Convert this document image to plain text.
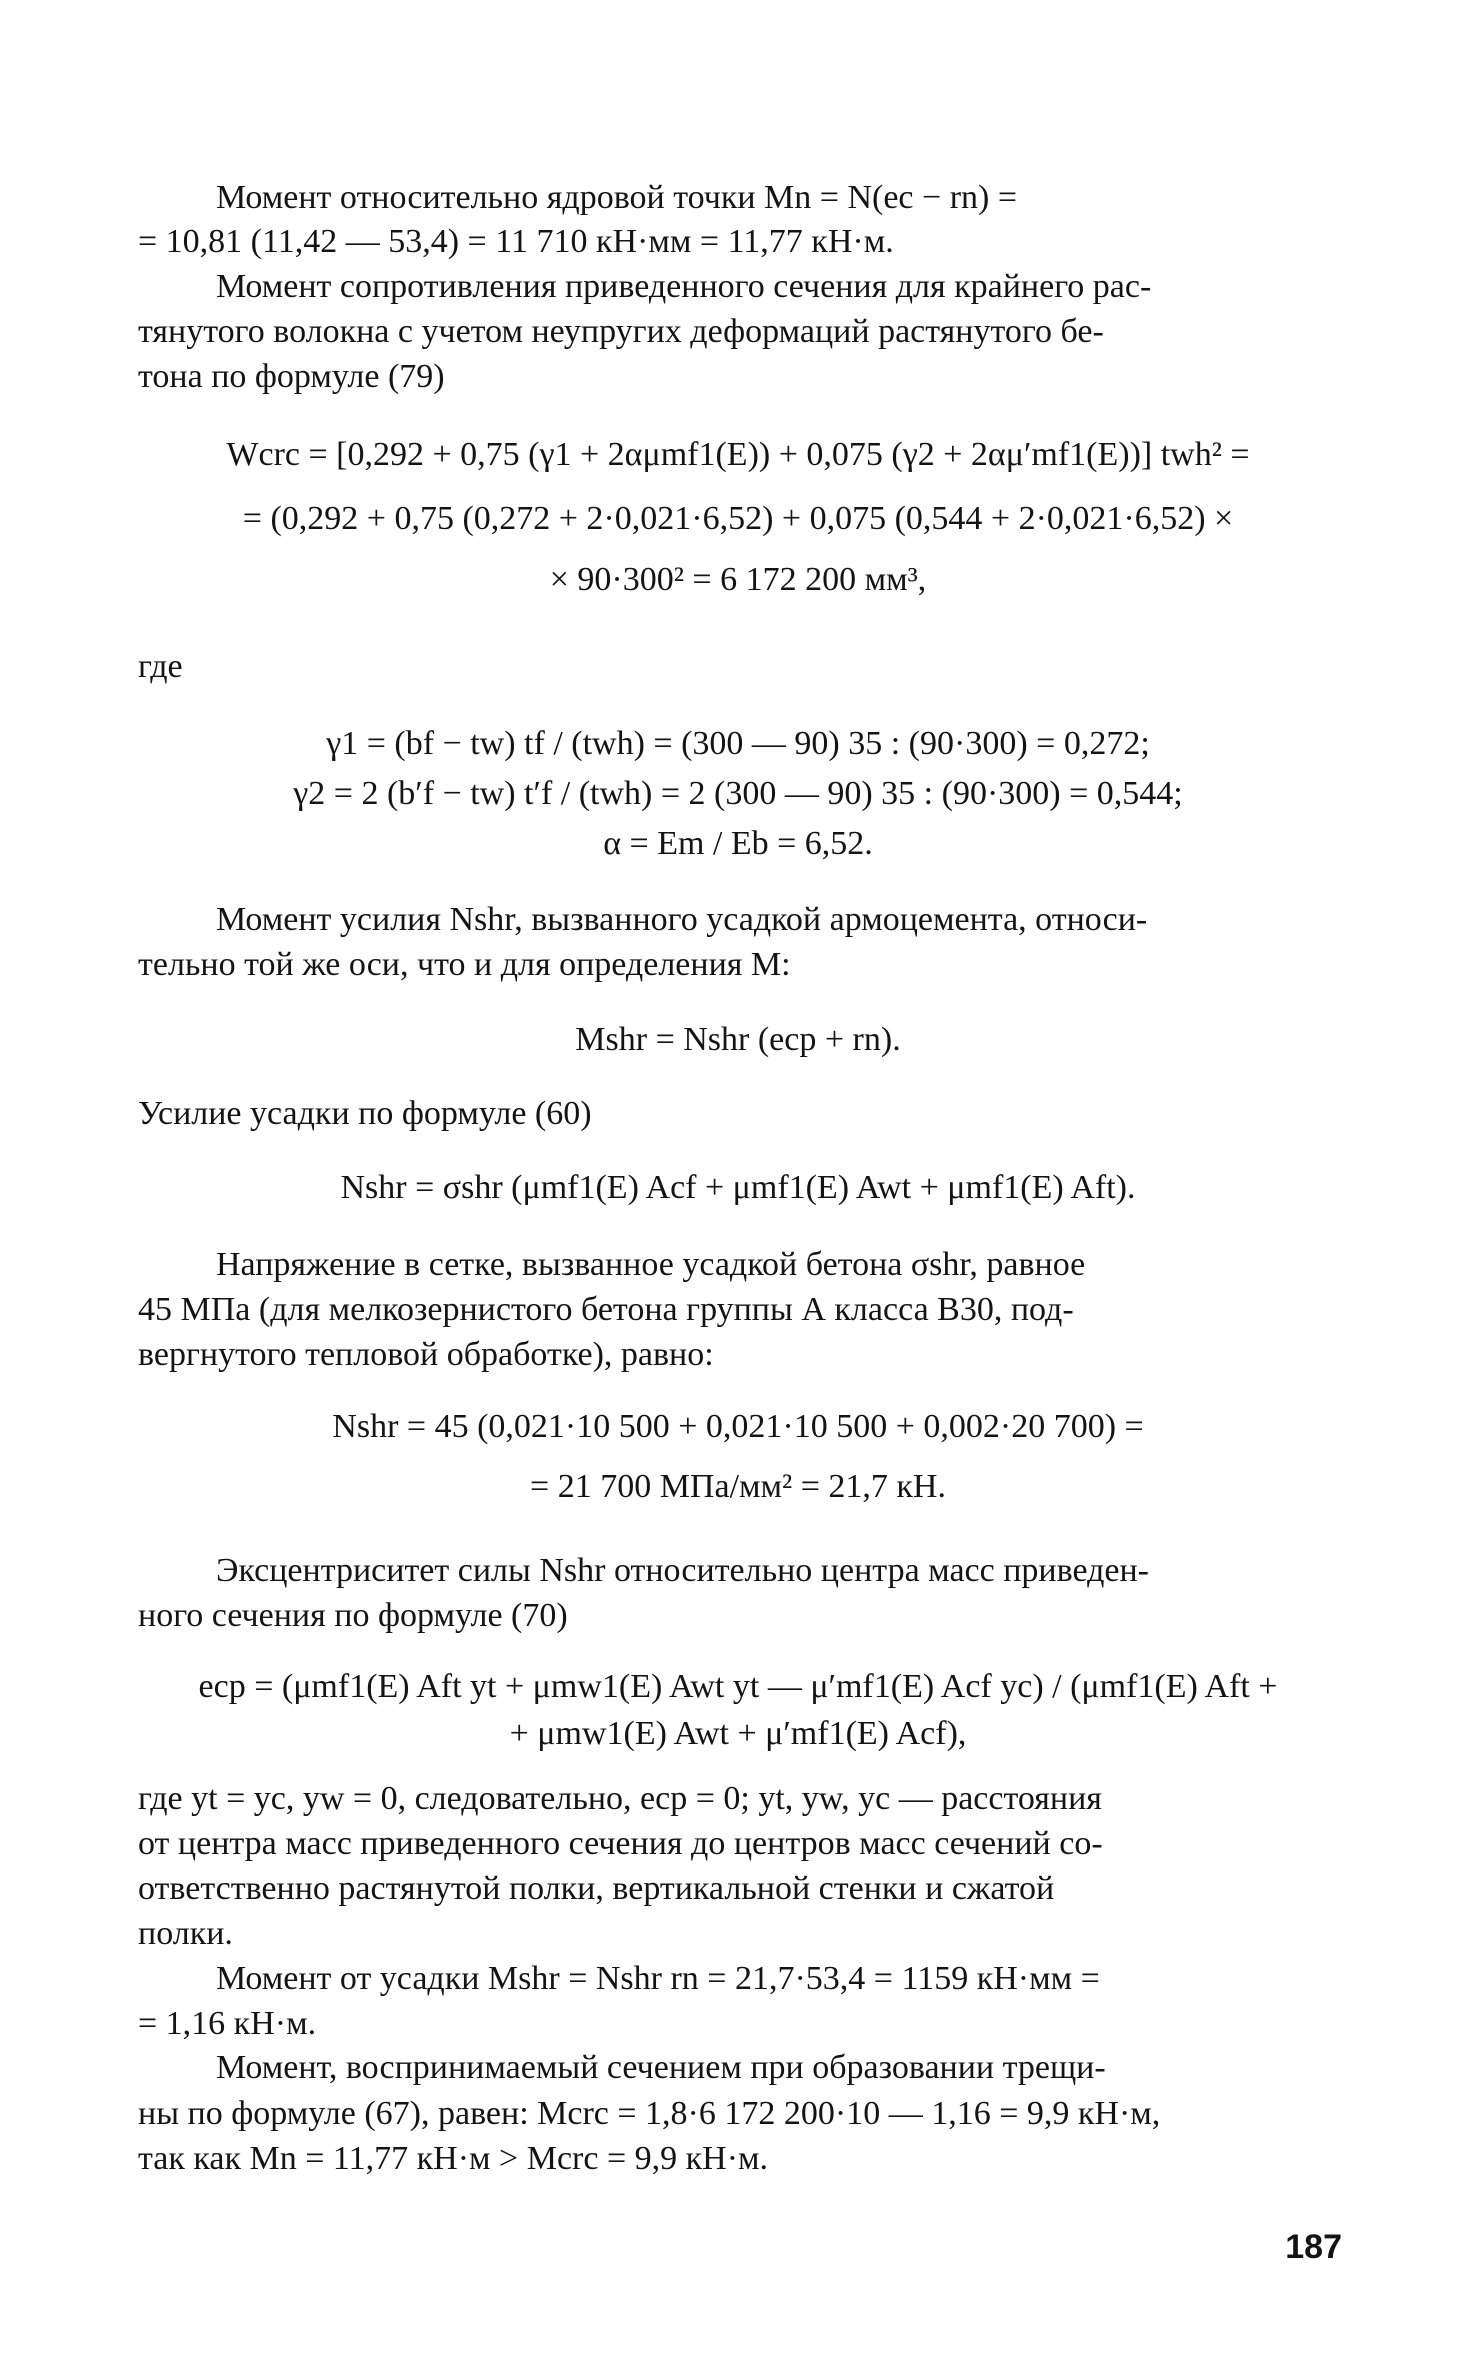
Момент относительно ядровой точки Mn = N(ec − rn) =
= 10,81 (11,42 — 53,4) = 11 710 кН·мм = 11,77 кН·м.
Момент сопротивления приведенного сечения для крайнего рас-
тянутого волокна с учетом неупругих деформаций растянутого бе-
тона по формуле (79)
Wcrc = [0,292 + 0,75 (γ1 + 2αμmf1(E)) + 0,075 (γ2 + 2αμ′mf1(E))] twh² =
= (0,292 + 0,75 (0,272 + 2·0,021·6,52) + 0,075 (0,544 + 2·0,021·6,52) ×
× 90·300² = 6 172 200 мм³,
где
γ1 = (bf − tw) tf / (twh) = (300 — 90) 35 : (90·300) = 0,272;
γ2 = 2 (b′f − tw) t′f / (twh) = 2 (300 — 90) 35 : (90·300) = 0,544;
α = Em / Eb = 6,52.
Момент усилия Nshr, вызванного усадкой армоцемента, относи-
тельно той же оси, что и для определения M:
Mshr = Nshr (ecp + rn).
Усилие усадки по формуле (60)
Nshr = σshr (μmf1(E) Acf + μmf1(E) Awt + μmf1(E) Aft).
Напряжение в сетке, вызванное усадкой бетона σshr, равное
45 МПа (для мелкозернистого бетона группы А класса В30, под-
вергнутого тепловой обработке), равно:
Nshr = 45 (0,021·10 500 + 0,021·10 500 + 0,002·20 700) =
= 21 700 МПа/мм² = 21,7 кН.
Эксцентриситет силы Nshr относительно центра масс приведен-
ного сечения по формуле (70)
ecp = (μmf1(E) Aft yt + μmw1(E) Awt yt — μ′mf1(E) Acf yc) / (μmf1(E) Aft +
+ μmw1(E) Awt + μ′mf1(E) Acf),
где yt = yc, yw = 0, следовательно, ecp = 0; yt, yw, yc — расстояния
от центра масс приведенного сечения до центров масс сечений со-
ответственно растянутой полки, вертикальной стенки и сжатой
полки.
Момент от усадки Mshr = Nshr rn = 21,7·53,4 = 1159 кН·мм =
= 1,16 кН·м.
Момент, воспринимаемый сечением при образовании трещи-
ны по формуле (67), равен: Mcrc = 1,8·6 172 200·10 — 1,16 = 9,9 кН·м,
так как Mn = 11,77 кН·м > Mcrc = 9,9 кН·м.
187
